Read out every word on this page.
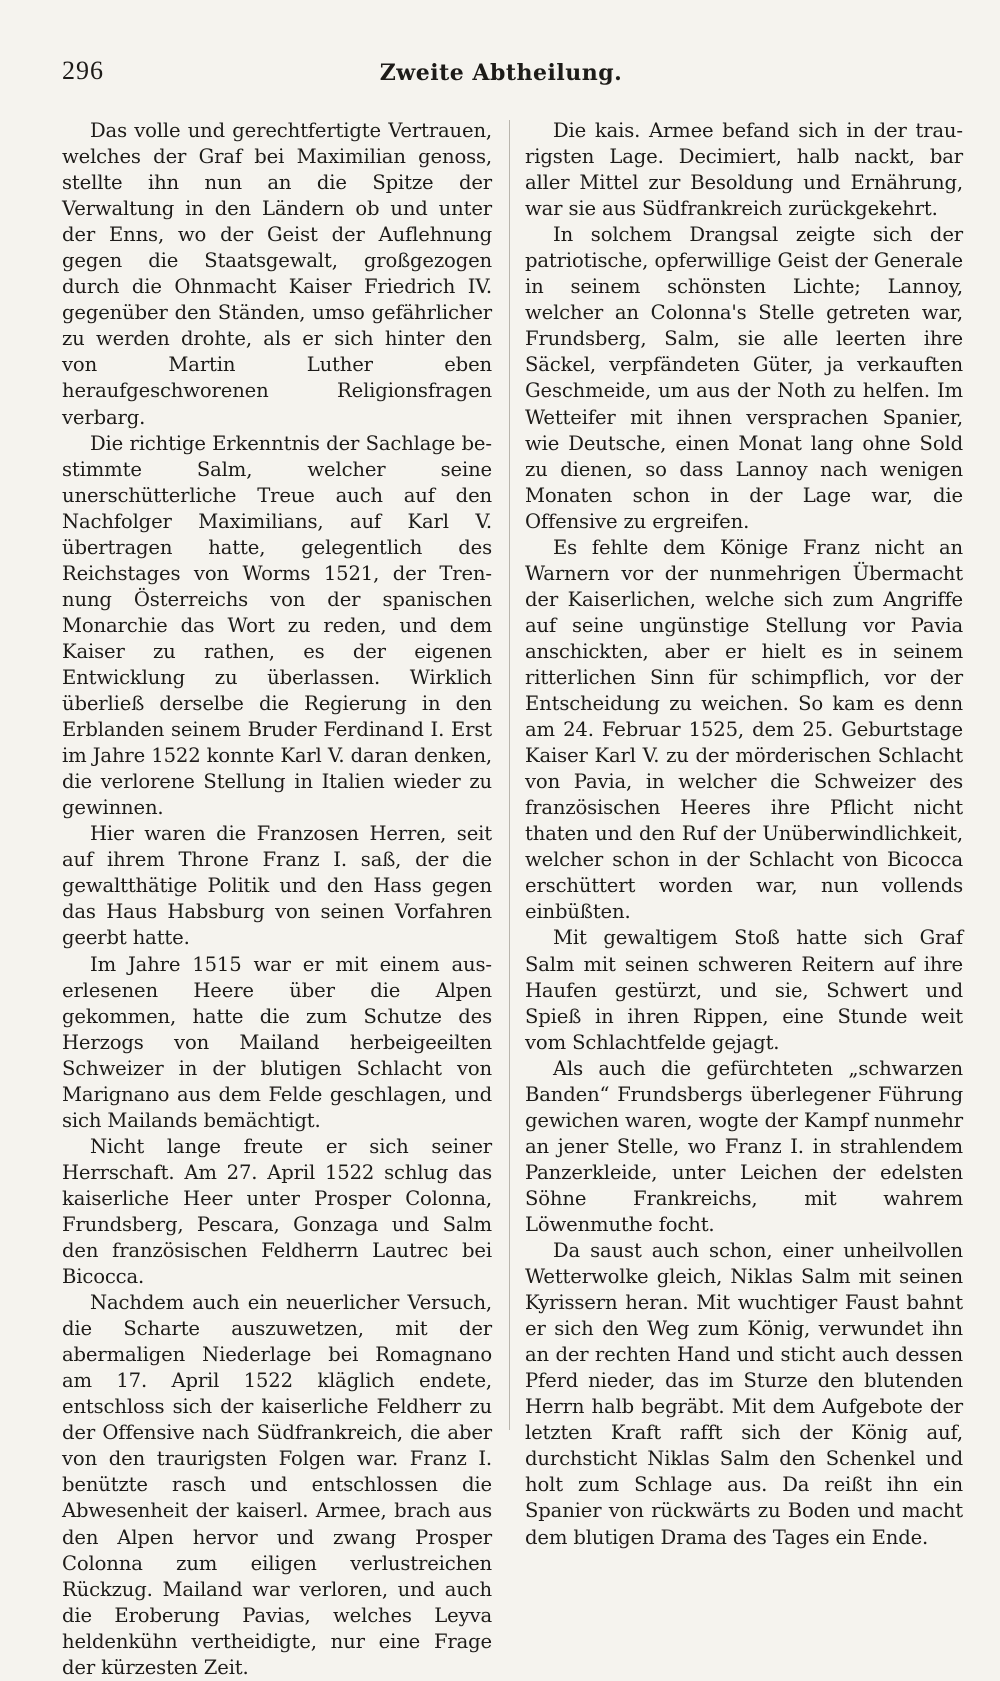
296	Zweite Abtheilung.

Das volle und gerechtfertigte Vertrauen, welches der Graf bei Maximilian genoss, stellte ihn nun an die Spitze der Verwaltung in den Ländern ob und unter der Enns, wo der Geist der Auflehnung gegen die Staatsgewalt, großgezogen durch die Ohnmacht Kaiser Friedrich IV. gegenüber den Ständen, umso gefährlicher zu werden drohte, als er sich hinter den von Martin Luther eben heraufgeschworenen Religionsfragen verbarg.

Die richtige Erkenntnis der Sachlage bestimmte Salm, welcher seine unerschütterliche Treue auch auf den Nachfolger Maximilians, auf Karl V. übertragen hatte, gelegentlich des Reichstages von Worms 1521, der Trennung Österreichs von der spanischen Monarchie das Wort zu reden, und dem Kaiser zu rathen, es der eigenen Entwicklung zu überlassen. Wirklich überließ derselbe die Regierung in den Erblanden seinem Bruder Ferdinand I. Erst im Jahre 1522 konnte Karl V. daran denken, die verlorene Stellung in Italien wieder zu gewinnen.

Hier waren die Franzosen Herren, seit auf ihrem Throne Franz I. saß, der die gewaltthätige Politik und den Hass gegen das Haus Habsburg von seinen Vorfahren geerbt hatte.

Im Jahre 1515 war er mit einem auserlesenen Heere über die Alpen gekommen, hatte die zum Schutze des Herzogs von Mailand herbeigeeilten Schweizer in der blutigen Schlacht von Marignano aus dem Felde geschlagen, und sich Mailands bemächtigt.

Nicht lange freute er sich seiner Herrschaft. Am 27. April 1522 schlug das kaiserliche Heer unter Prosper Colonna, Frundsberg, Pescara, Gonzaga und Salm den französischen Feldherrn Lautrec bei Bicocca.

Nachdem auch ein neuerlicher Versuch, die Scharte auszuwetzen, mit der abermaligen Niederlage bei Romagnano am 17. April 1522 kläglich endete, entschloss sich der kaiserliche Feldherr zu der Offensive nach Südfrankreich, die aber von den traurigsten Folgen war. Franz I. benützte rasch und entschlossen die Abwesenheit der kaiserl. Armee, brach aus den Alpen hervor und zwang Prosper Colonna zum eiligen verlustreichen Rückzug. Mailand war verloren, und auch die Eroberung Pavias, welches Leyva heldenkühn vertheidigte, nur eine Frage der kürzesten Zeit.

Die kais. Armee befand sich in der traurigsten Lage. Decimiert, halb nackt, bar aller Mittel zur Besoldung und Ernährung, war sie aus Südfrankreich zurückgekehrt.

In solchem Drangsal zeigte sich der patriotische, opferwillige Geist der Generale in seinem schönsten Lichte; Lannoy, welcher an Colonna's Stelle getreten war, Frundsberg, Salm, sie alle leerten ihre Säckel, verpfändeten Güter, ja verkauften Geschmeide, um aus der Noth zu helfen. Im Wetteifer mit ihnen versprachen Spanier, wie Deutsche, einen Monat lang ohne Sold zu dienen, so dass Lannoy nach wenigen Monaten schon in der Lage war, die Offensive zu ergreifen.

Es fehlte dem Könige Franz nicht an Warnern vor der nunmehrigen Übermacht der Kaiserlichen, welche sich zum Angriffe auf seine ungünstige Stellung vor Pavia anschickten, aber er hielt es in seinem ritterlichen Sinn für schimpflich, vor der Entscheidung zu weichen. So kam es denn am 24. Februar 1525, dem 25. Geburtstage Kaiser Karl V. zu der mörderischen Schlacht von Pavia, in welcher die Schweizer des französischen Heeres ihre Pflicht nicht thaten und den Ruf der Unüberwindlichkeit, welcher schon in der Schlacht von Bicocca erschüttert worden war, nun vollends einbüßten.

Mit gewaltigem Stoß hatte sich Graf Salm mit seinen schweren Reitern auf ihre Haufen gestürzt, und sie, Schwert und Spieß in ihren Rippen, eine Stunde weit vom Schlachtfelde gejagt.

Als auch die gefürchteten „schwarzen Banden“ Frundsbergs überlegener Führung gewichen waren, wogte der Kampf nunmehr an jener Stelle, wo Franz I. in strahlendem Panzerkleide, unter Leichen der edelsten Söhne Frankreichs, mit wahrem Löwenmuthe focht.

Da saust auch schon, einer unheilvollen Wetterwolke gleich, Niklas Salm mit seinen Kyrissern heran. Mit wuchtiger Faust bahnt er sich den Weg zum König, verwundet ihn an der rechten Hand und sticht auch dessen Pferd nieder, das im Sturze den blutenden Herrn halb begräbt. Mit dem Aufgebote der letzten Kraft rafft sich der König auf, durchsticht Niklas Salm den Schenkel und holt zum Schlage aus. Da reißt ihn ein Spanier von rückwärts zu Boden und macht dem blutigen Drama des Tages ein Ende.
